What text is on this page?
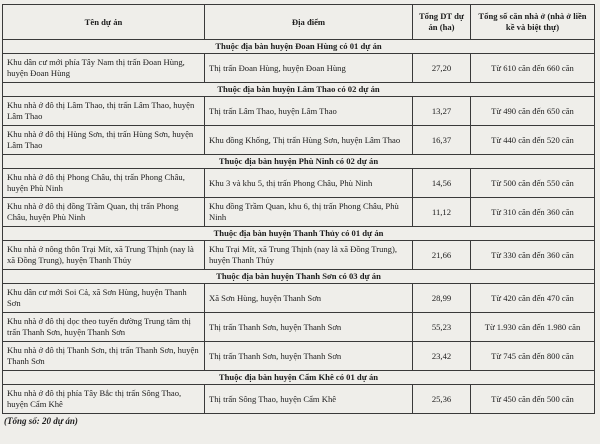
Tên dự án	Địa điểm	Tổng DT dự án (ha)	Tổng số căn nhà ở (nhà ở liền kề và biệt thự)
Thuộc địa bàn huyện Đoan Hùng có 01 dự án			
Khu dân cư mới phía Tây Nam thị trấn Đoan Hùng, huyện Đoan Hùng	Thị trấn Đoan Hùng, huyện Đoan Hùng	27,20	Từ 610 căn đến 660 căn
Thuộc địa bàn huyện Lâm Thao có 02 dự án			
Khu nhà ở đô thị Lâm Thao, thị trấn Lâm Thao, huyện Lâm Thao	Thị trấn Lâm Thao, huyện Lâm Thao	13,27	Từ 490 căn đến 650 căn
Khu nhà ở đô thị Hùng Sơn, thị trấn Hùng Sơn, huyện Lâm Thao	Khu đồng Khống, Thị trấn Hùng Sơn, huyện Lâm Thao	16,37	Từ 440 căn đến 520 căn
Thuộc địa bàn huyện Phù Ninh có 02 dự án			
Khu nhà ở đô thị Phong Châu, thị trấn Phong Châu, huyện Phù Ninh	Khu 3 và khu 5, thị trấn Phong Châu, Phù Ninh	14,56	Từ 500 căn đến 550 căn
Khu nhà ở đô thị đồng Trầm Quan, thị trấn Phong Châu, huyện Phù Ninh	Khu đồng Trầm Quan, khu 6, thị trấn Phong Châu, Phù Ninh	11,12	Từ 310 căn đến 360 căn
Thuộc địa bàn huyện Thanh Thủy có 01 dự án			
Khu nhà ở nông thôn Trại Mít, xã Trung Thịnh (nay là xã Đồng Trung), huyện Thanh Thủy	Khu Trại Mít, xã Trung Thịnh (nay là xã Đồng Trung), huyện Thanh Thủy	21,66	Từ 330 căn đến 360 căn
Thuộc địa bàn huyện Thanh Sơn có 03 dự án			
Khu dân cư mới Soi Cả, xã Sơn Hùng, huyện Thanh Sơn	Xã Sơn Hùng, huyện Thanh Sơn	28,99	Từ 420 căn đến 470 căn
Khu nhà ở đô thị dọc theo tuyến đường Trung tâm thị trấn Thanh Sơn, huyện Thanh Sơn	Thị trấn Thanh Sơn, huyện Thanh Sơn	55,23	Từ 1.930 căn đến 1.980 căn
Khu nhà ở đô thị Thanh Sơn, thị trấn Thanh Sơn, huyện Thanh Sơn	Thị trấn Thanh Sơn, huyện Thanh Sơn	23,42	Từ 745 căn đến 800 căn
Thuộc địa bàn huyện Cẩm Khê có 01 dự án			
Khu nhà ở đô thị phía Tây Bắc thị trấn Sông Thao, huyện Cẩm Khê	Thị trấn Sông Thao, huyện Cẩm Khê	25,36	Từ 450 căn đến 500 căn
(Tổng số: 20 dự án)
